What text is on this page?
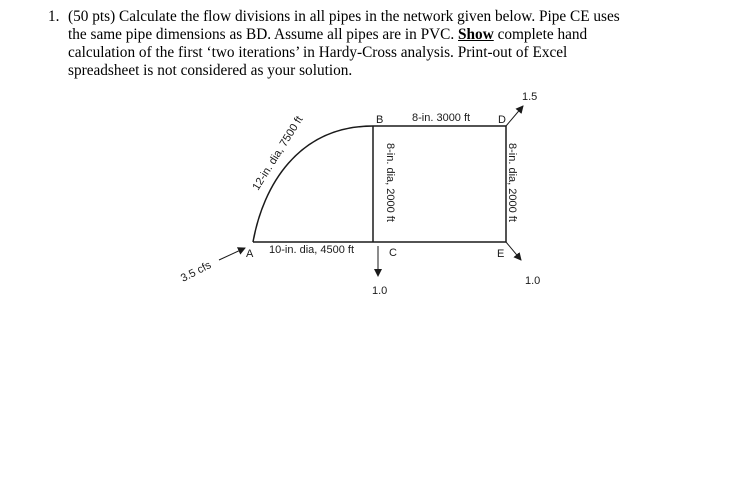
1. (50 pts) Calculate the flow divisions in all pipes in the network given below. Pipe CE uses
the same pipe dimensions as BD. Assume all pipes are in PVC. Show complete hand
calculation of the first ‘two iterations’ in Hardy-Cross analysis. Print-out of Excel
spreadsheet is not considered as your solution.
A
B
C
D
E
8-in. 3000 ft
10-in. dia, 4500 ft
12-in. dia, 7500 ft	8-in. dia, 2000 ft	8-in. dia, 2000 ft
3.5 cfs
1.5
1.0
1.0
